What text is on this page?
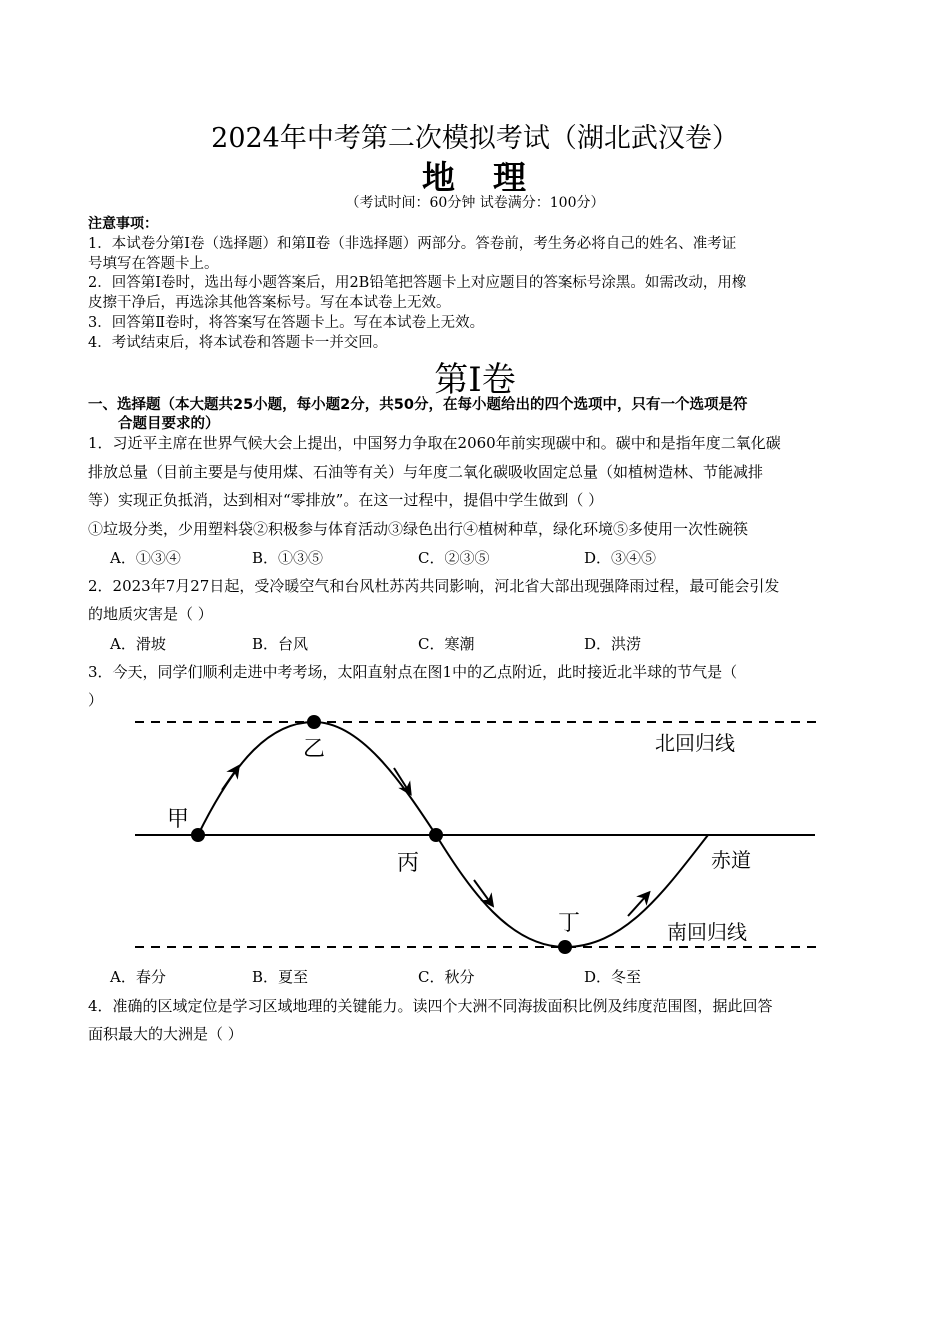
2024年中考第二次模拟考试（湖北武汉卷）
地 理
（考试时间：60分钟 试卷满分：100分）
注意事项：
1．本试卷分第Ⅰ卷（选择题）和第Ⅱ卷（非选择题）两部分。答卷前，考生务必将自己的姓名、准考证
号填写在答题卡上。
2．回答第Ⅰ卷时，选出每小题答案后，用2B铅笔把答题卡上对应题目的答案标号涂黑。如需改动，用橡
皮擦干净后，再选涂其他答案标号。写在本试卷上无效。
3．回答第Ⅱ卷时，将答案写在答题卡上。写在本试卷上无效。
4．考试结束后，将本试卷和答题卡一并交回。
第Ⅰ卷
一、选择题（本大题共25小题，每小题2分，共50分，在每小题给出的四个选项中，只有一个选项是符
合题目要求的）
1．习近平主席在世界气候大会上提出，中国努力争取在2060年前实现碳中和。碳中和是指年度二氧化碳
排放总量（目前主要是与使用煤、石油等有关）与年度二氧化碳吸收固定总量（如植树造林、节能减排
等）实现正负抵消，达到相对“零排放”。在这一过程中，提倡中学生做到（ ）
①垃圾分类，少用塑料袋②积极参与体育活动③绿色出行④植树种草，绿化环境⑤多使用一次性碗筷
A．①③④	B．①③⑤	C．②③⑤	D．③④⑤
2．2023年7月27日起，受冷暖空气和台风杜苏芮共同影响，河北省大部出现强降雨过程，最可能会引发
的地质灾害是（ ）
A．滑坡	B．台风	C．寒潮	D．洪涝
3．今天，同学们顺利走进中考考场，太阳直射点在图1中的乙点附近，此时接近北半球的节气是（
）
甲
乙
丙
丁
北回归线
赤道
南回归线
A．春分	B．夏至	C．秋分	D．冬至
4．准确的区域定位是学习区域地理的关键能力。读四个大洲不同海拔面积比例及纬度范围图，据此回答
面积最大的大洲是（ ）
